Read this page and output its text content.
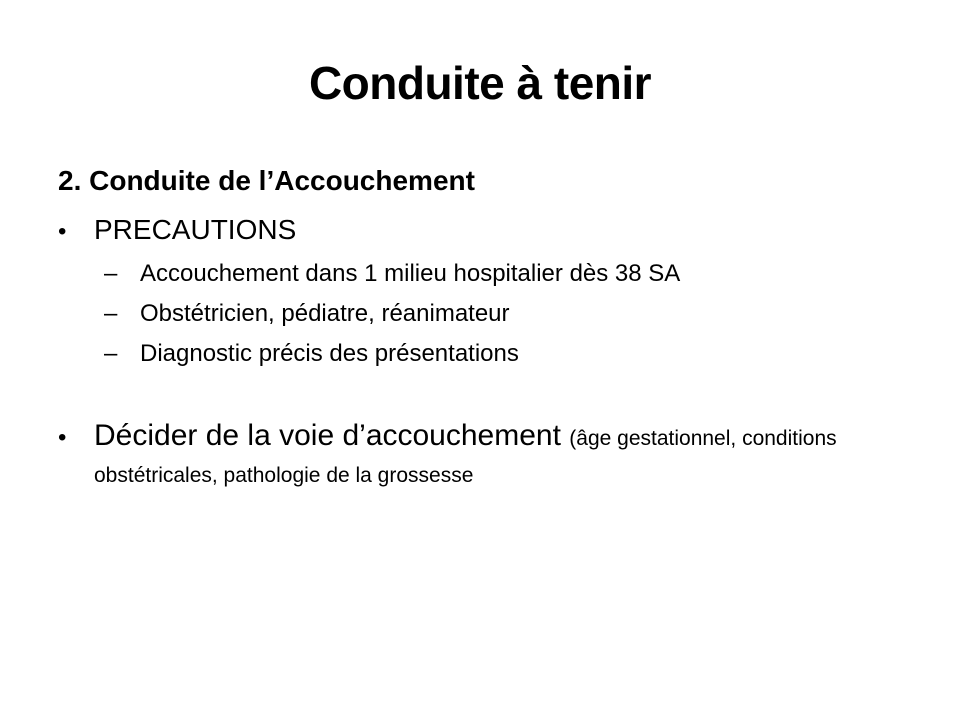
Conduite à tenir
2. Conduite de l’Accouchement
• PRECAUTIONS
– Accouchement dans 1 milieu hospitalier dès 38 SA
– Obstétricien, pédiatre, réanimateur
– Diagnostic précis des présentations
• Décider de la voie d’accouchement (âge gestationnel, conditions obstétricales, pathologie de la grossesse
